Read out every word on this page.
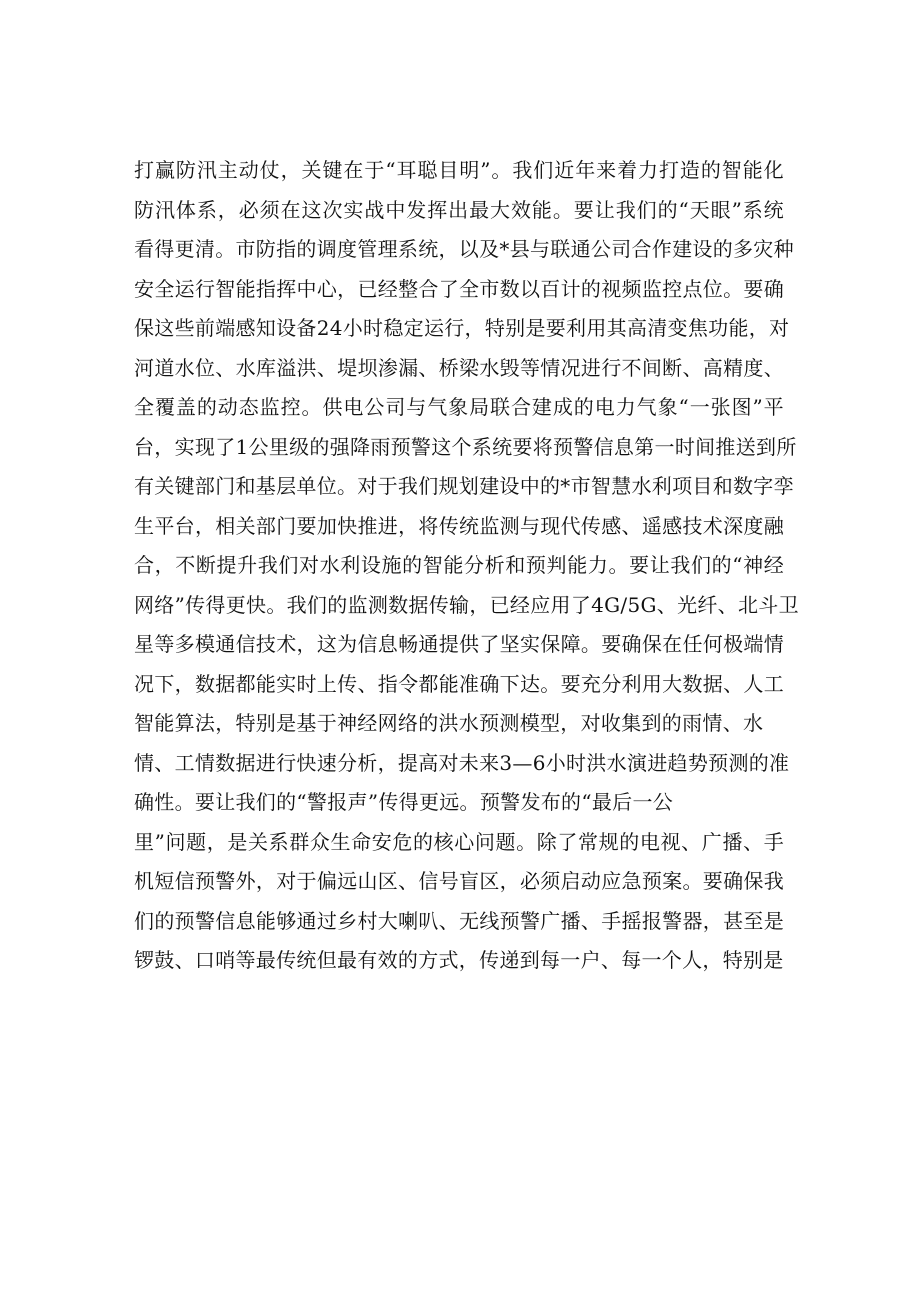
打赢防汛主动仗，关键在于“耳聪目明”。我们近年来着力打造的智能化
防汛体系，必须在这次实战中发挥出最大效能。要让我们的“天眼”系统
看得更清。市防指的调度管理系统，以及*县与联通公司合作建设的多灾种
安全运行智能指挥中心，已经整合了全市数以百计的视频监控点位。要确
保这些前端感知设备24小时稳定运行，特别是要利用其高清变焦功能，对
河道水位、水库溢洪、堤坝渗漏、桥梁水毁等情况进行不间断、高精度、
全覆盖的动态监控。供电公司与气象局联合建成的电力气象“一张图”平
台，实现了1公里级的强降雨预警这个系统要将预警信息第一时间推送到所
有关键部门和基层单位。对于我们规划建设中的*市智慧水利项目和数字孪
生平台，相关部门要加快推进，将传统监测与现代传感、遥感技术深度融
合，不断提升我们对水利设施的智能分析和预判能力。要让我们的“神经
网络”传得更快。我们的监测数据传输，已经应用了4G/5G、光纤、北斗卫
星等多模通信技术，这为信息畅通提供了坚实保障。要确保在任何极端情
况下，数据都能实时上传、指令都能准确下达。要充分利用大数据、人工
智能算法，特别是基于神经网络的洪水预测模型，对收集到的雨情、水
情、工情数据进行快速分析，提高对未来3—6小时洪水演进趋势预测的准
确性。要让我们的“警报声”传得更远。预警发布的“最后一公
里”问题，是关系群众生命安危的核心问题。除了常规的电视、广播、手
机短信预警外，对于偏远山区、信号盲区，必须启动应急预案。要确保我
们的预警信息能够通过乡村大喇叭、无线预警广播、手摇报警器，甚至是
锣鼓、口哨等最传统但最有效的方式，传递到每一户、每一个人，特别是
